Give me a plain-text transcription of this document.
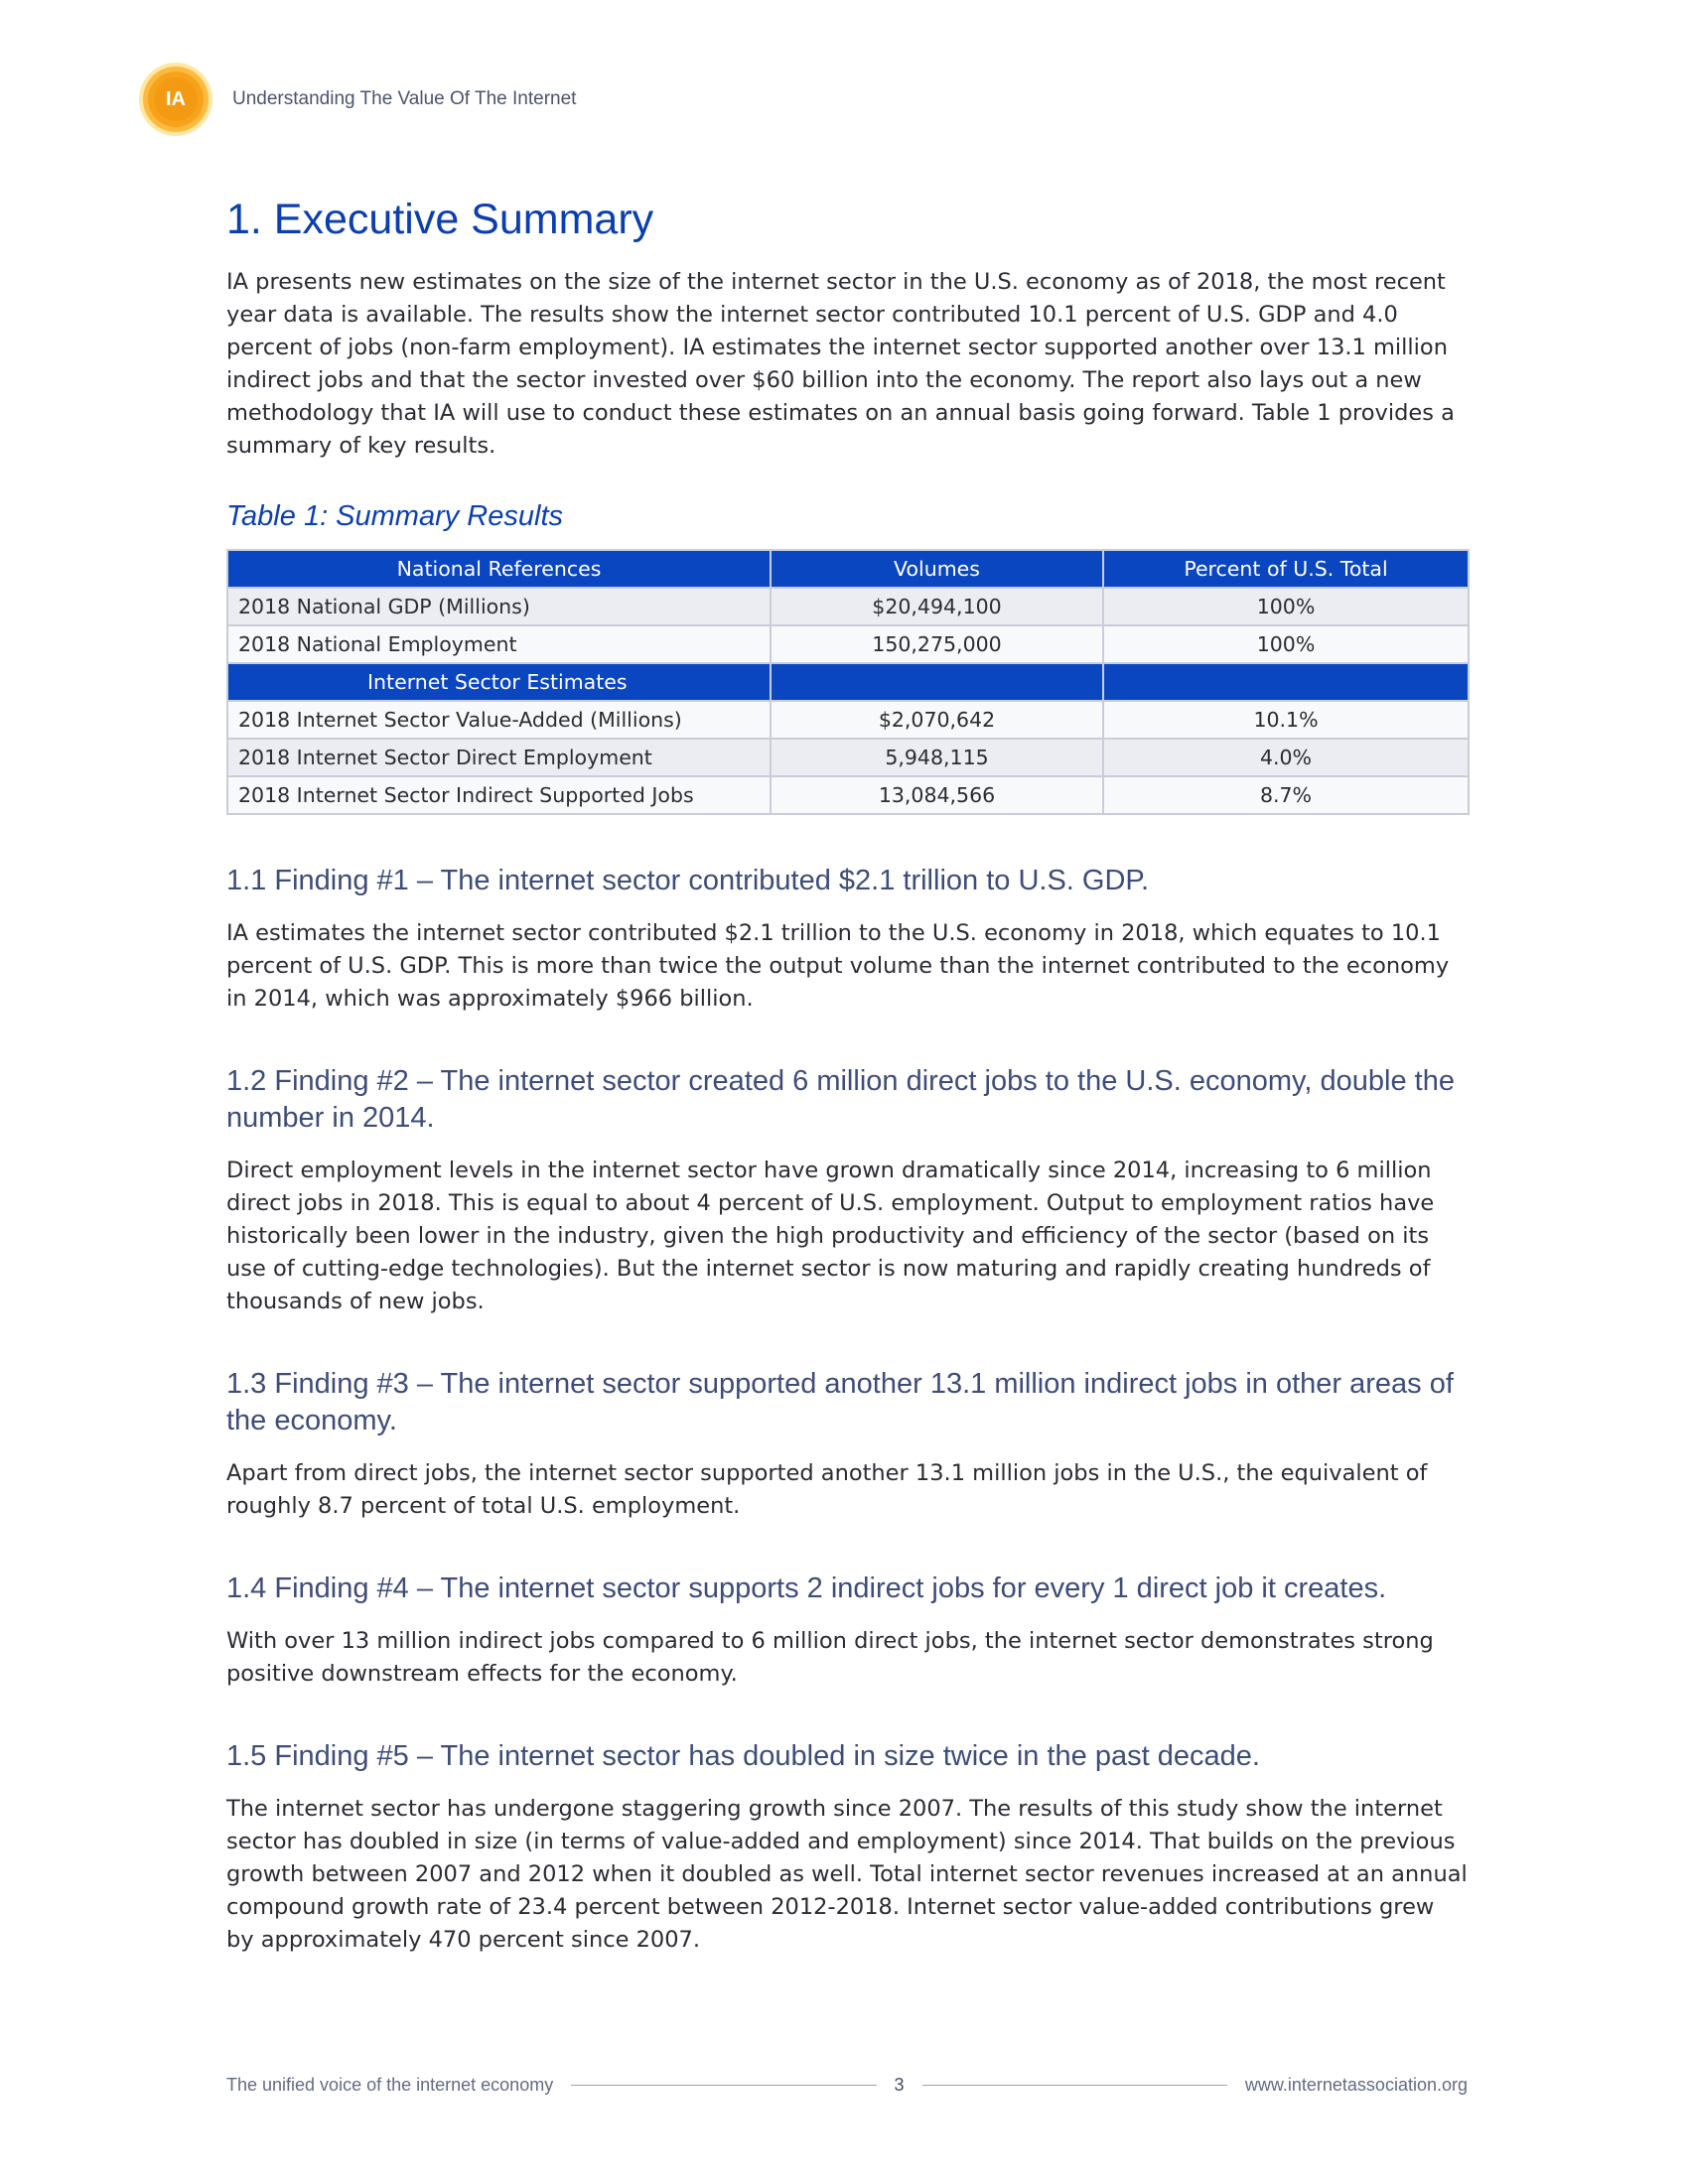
IA	Understanding The Value Of The Internet
1. Executive Summary

IA presents new estimates on the size of the internet sector in the U.S. economy as of 2018, the most recent year data is available. The results show the internet sector contributed 10.1 percent of U.S. GDP and 4.0 percent of jobs (non-farm employment). IA estimates the internet sector supported another over 13.1 million indirect jobs and that the sector invested over $60 billion into the economy. The report also lays out a new methodology that IA will use to conduct these estimates on an annual basis going forward. Table 1 provides a summary of key results.

Table 1: Summary Results
National References	Volumes	Percent of U.S. Total
2018 National GDP (Millions)	$20,494,100	100%
2018 National Employment	150,275,000	100%
Internet Sector Estimates		
2018 Internet Sector Value-Added (Millions)	$2,070,642	10.1%
2018 Internet Sector Direct Employment	5,948,115	4.0%
2018 Internet Sector Indirect Supported Jobs	13,084,566	8.7%
1.1 Finding #1 – The internet sector contributed $2.1 trillion to U.S. GDP.

IA estimates the internet sector contributed $2.1 trillion to the U.S. economy in 2018, which equates to 10.1 percent of U.S. GDP. This is more than twice the output volume than the internet contributed to the economy in 2014, which was approximately $966 billion.

1.2 Finding #2 – The internet sector created 6 million direct jobs to the U.S. economy, double the number in 2014.

Direct employment levels in the internet sector have grown dramatically since 2014, increasing to 6 million direct jobs in 2018. This is equal to about 4 percent of U.S. employment. Output to employment ratios have historically been lower in the industry, given the high productivity and efficiency of the sector (based on its use of cutting-edge technologies). But the internet sector is now maturing and rapidly creating hundreds of thousands of new jobs.

1.3 Finding #3 – The internet sector supported another 13.1 million indirect jobs in other areas of the economy.

Apart from direct jobs, the internet sector supported another 13.1 million jobs in the U.S., the equivalent of roughly 8.7 percent of total U.S. employment.

1.4 Finding #4 – The internet sector supports 2 indirect jobs for every 1 direct job it creates.

With over 13 million indirect jobs compared to 6 million direct jobs, the internet sector demonstrates strong positive downstream effects for the economy.

1.5 Finding #5 – The internet sector has doubled in size twice in the past decade.

The internet sector has undergone staggering growth since 2007. The results of this study show the internet sector has doubled in size (in terms of value-added and employment) since 2014. That builds on the previous growth between 2007 and 2012 when it doubled as well. Total internet sector revenues increased at an annual compound growth rate of 23.4 percent between 2012-2018. Internet sector value-added contributions grew by approximately 470 percent since 2007.

The unified voice of the internet economy	3	www.internetassociation.org
